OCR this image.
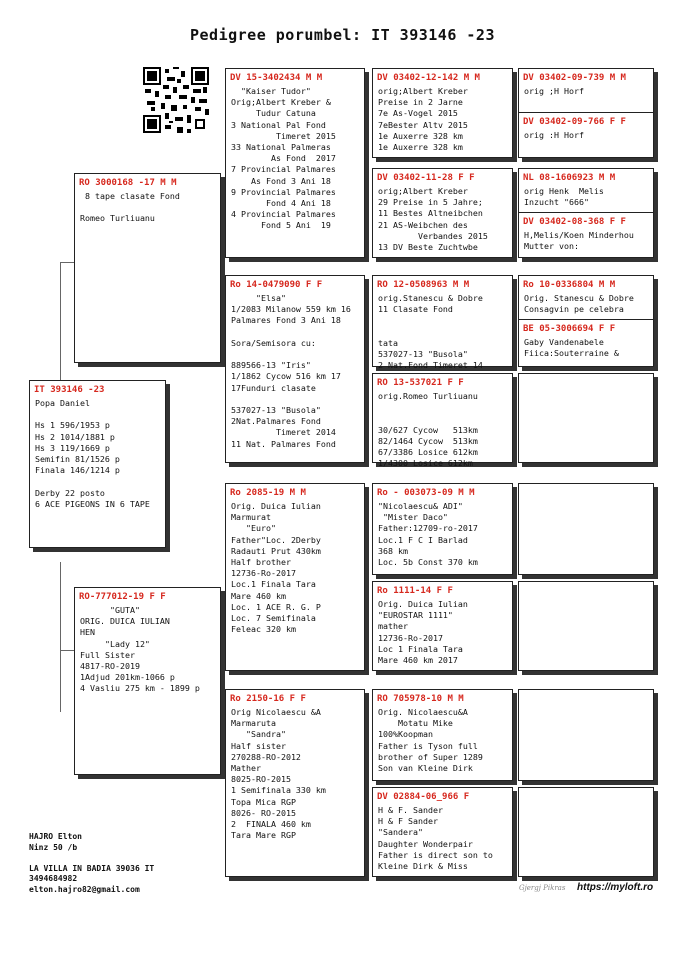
Pedigree porumbel: IT 393146 -23
IT 393146 -23
Popa Daniel

Hs 1 596/1953 p
Hs 2 1014/1881 p
Hs 3 119/1669 p
Semifin 81/1526 p
Finala 146/1214 p

Derby 22 posto
6 ACE PIGEONS IN 6 TAPE
RO 3000168 -17 M M
8 tape clasate Fond

Romeo Turliuanu
RO-777012-19 F F
"GUTA"
ORIG. DUICA IULIAN
HEN
"Lady 12"
Full Sister
4817-RO-2019
1Adjud 201km-1066 p
4 Vasliu 275 km - 1899 p
DV 15-3402434 M M
"Kaiser Tudor"
Orig;Albert Kreber &
Tudur Catuna
3 National Pal Fond
Timeret 2015
33 National Palmeras
As Fond  2017
7 Provincial Palmares
As Fond 3 Ani 18
9 Provincial Palmares
Fond 4 Ani 18
4 Provincial Palmares
Fond 5 Ani  19
Ro 14-0479090 F F
"Elsa"
1/2083 Milanow 559 km 16
Palmares Fond 3 Ani 18

Sora/Semisora cu:

889566-13 "Iris"
1/1862 Cycow 516 km 17
17Funduri clasate

537027-13 "Busola"
2Nat.Palmares Fond
Timeret 2014
11 Nat. Palmares Fond
Ro 2085-19 M M
Orig. Duica Iulian
Marmurat
"Euro"
Father"Loc. 2Derby
Radauti Prut 430km
Half brother
12736-Ro-2017
Loc.1 Finala Tara
Mare 460 km
Loc. 1 ACE R. G. P
Loc. 7 Semifinala
Feleac 320 km
Ro 2150-16 F F
Orig Nicolaescu &A
Marmaruta
"Sandra"
Half sister
270288-RO-2012
Mather
8025-RO-2015
1 Semifinala 330 km
Topa Mica RGP
8026- RO-2015
2  FINALA 460 km
Tara Mare RGP
DV 03402-12-142 M M
orig;Albert Kreber
Preise in 2 Jarne
7e As-Vogel 2015
7eBester Altv 2015
1e Auxerre 328 km
1e Auxerre 328 km
DV 03402-11-28 F F
orig;Albert Kreber
29 Preise in 5 Jahre;
11 Bestes Altneibchen
21 AS-Weibchen des
Verbandes 2015
13 DV Beste Zuchtwbe
RO 12-0508963 M M
orig.Stanescu & Dobre
11 Clasate Fond

tata
537027-13 "Busola"
2 Nat.Fond Timeret 14
RO 13-537021 F F
orig.Romeo Turliuanu

30/627 Cycow   513km
82/1464 Cycow  513km
67/3386 Losice 612km
1/4300 Losice 612km
Ro - 003073-09 M M
"Nicolaescu& ADI"
"Mister Daco"
Father:12709-ro-2017
Loc.1 F C I Barlad
368 km
Loc. 5b Const 370 km
Ro 1111-14 F F
Orig. Duica Iulian
"EUROSTAR 1111"
mather
12736-Ro-2017
Loc 1 Finala Tara
Mare 460 km 2017
RO 705978-10 M M
Orig. Nicolaescu&A
Motatu Mike
100%Koopman
Father is Tyson full
brother of Super 1289
Son van Kleine Dirk
DV 02884-06_966 F
H & F. Sander
H & F Sander
"Sandera"
Daughter Wonderpair
Father is direct son to
Kleine Dirk & Miss
DV 03402-09-739 M M
orig ;H Horf
DV 03402-09-766 F F
orig :H Horf
NL 08-1606923 M M
orig Henk  Melis
Inzucht "666"
DV 03402-08-368 F F
H,Melis/Koen Minderhou
Mutter von:
Ro 10-0336804 M M
Orig. Stanescu & Dobre
Consagvin pe celebra
BE 05-3006694 F F
Gaby Vandenabele
Fiica:Souterraine &
HAJRO Elton
Ninz 50 /b

LA VILLA IN BADIA 39036 IT
3494684982
elton.hajro82@gmail.com	Gjergj Pikras https://myloft.ro
